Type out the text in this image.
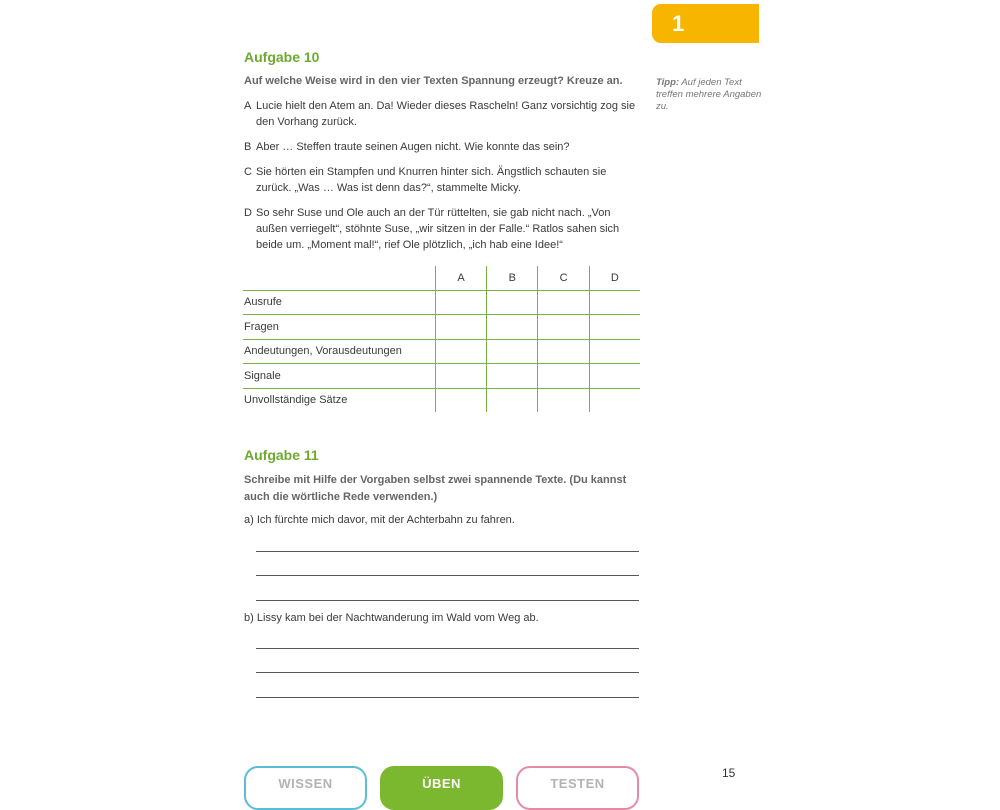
1
Tipp: Auf jeden Text treffen mehrere Angaben zu.
Aufgabe 10
Auf welche Weise wird in den vier Texten Spannung erzeugt? Kreuze an.
A Lucie hielt den Atem an. Da! Wieder dieses Rascheln! Ganz vorsichtig zog sie den Vorhang zurück.
B Aber … Steffen traute seinen Augen nicht. Wie konnte das sein?
C Sie hörten ein Stampfen und Knurren hinter sich. Ängstlich schauten sie zurück. „Was … Was ist denn das?“, stammelte Micky.
D So sehr Suse und Ole auch an der Tür rüttelten, sie gab nicht nach. „Von außen verriegelt“, stöhnte Suse, „wir sitzen in der Falle.“ Ratlos sahen sich beide um. „Moment mal!“, rief Ole plötzlich, „ich hab eine Idee!“
	A	B	C	D
Ausrufe				
Fragen				
Andeutungen, Vorausdeutungen				
Signale				
Unvollständige Sätze				
Aufgabe 11
Schreibe mit Hilfe der Vorgaben selbst zwei spannende Texte. (Du kannst auch die wörtliche Rede verwenden.)
a) Ich fürchte mich davor, mit der Achterbahn zu fahren.
b) Lissy kam bei der Nachtwanderung im Wald vom Weg ab.
15
WISSEN	ÜBEN	TESTEN
